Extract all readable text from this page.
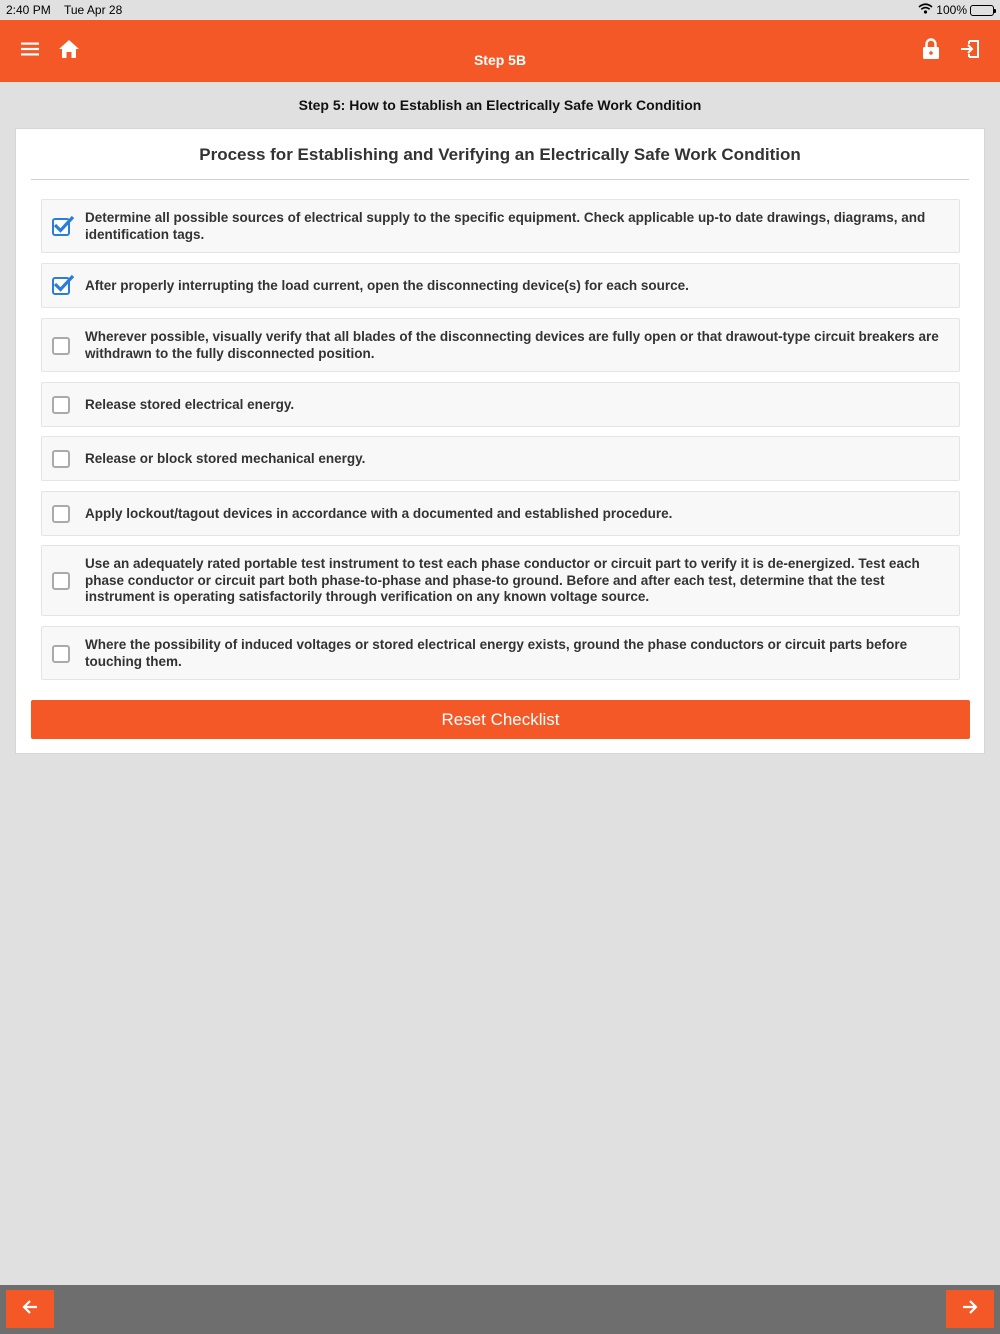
2:40 PM Tue Apr 28	100%
Step 5B
Step 5: How to Establish an Electrically Safe Work Condition
Process for Establishing and Verifying an Electrically Safe Work Condition
Determine all possible sources of electrical supply to the specific equipment. Check applicable up-to date drawings, diagrams, and identification tags.
After properly interrupting the load current, open the disconnecting device(s) for each source.
Wherever possible, visually verify that all blades of the disconnecting devices are fully open or that drawout-type circuit breakers are withdrawn to the fully disconnected position.
Release stored electrical energy.
Release or block stored mechanical energy.
Apply lockout/tagout devices in accordance with a documented and established procedure.
Use an adequately rated portable test instrument to test each phase conductor or circuit part to verify it is de-energized. Test each phase conductor or circuit part both phase-to-phase and phase-to ground. Before and after each test, determine that the test instrument is operating satisfactorily through verification on any known voltage source.
Where the possibility of induced voltages or stored electrical energy exists, ground the phase conductors or circuit parts before touching them.
Reset Checklist
